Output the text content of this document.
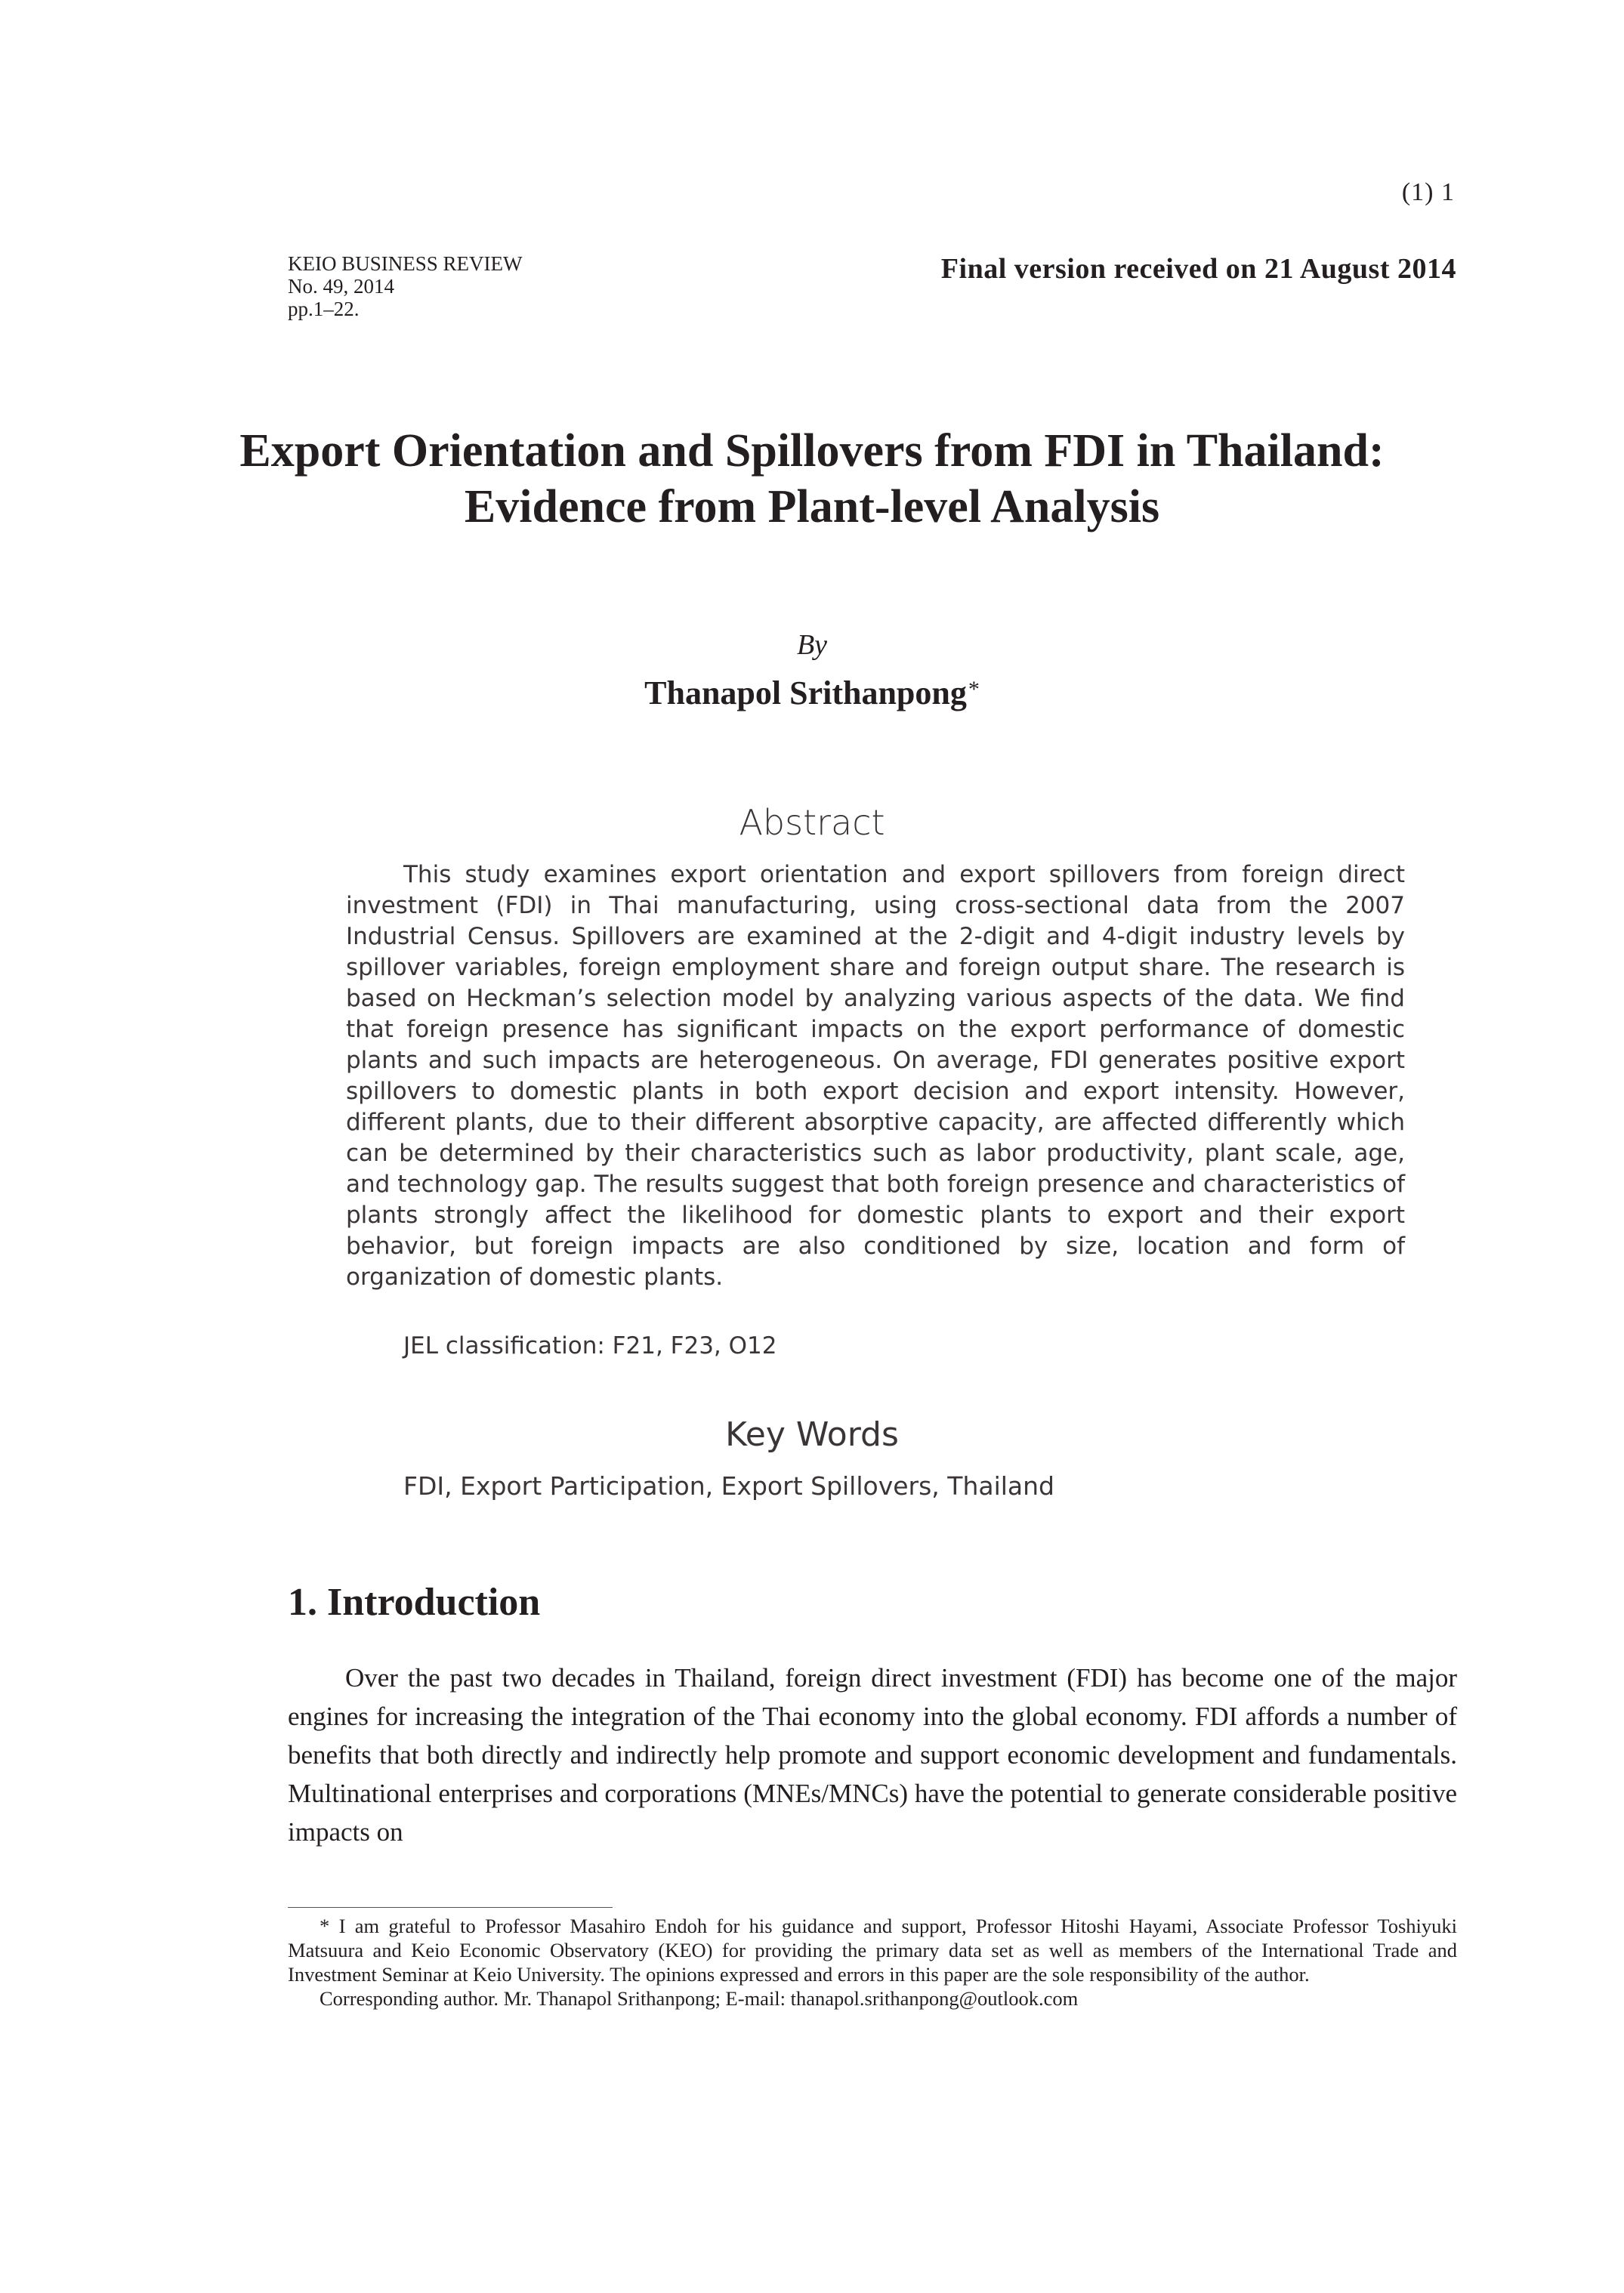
(1) 1
KEIO BUSINESS REVIEW
No. 49, 2014
pp.1–22.
Final version received on 21 August 2014
Export Orientation and Spillovers from FDI in Thailand:
Evidence from Plant-level Analysis
By
Thanapol Srithanpong*
Abstract
This study examines export orientation and export spillovers from foreign direct investment (FDI) in Thai manufacturing, using cross-sectional data from the 2007 Industrial Census. Spillovers are examined at the 2-digit and 4-digit industry levels by spillover variables, foreign employment share and foreign output share. The research is based on Heckman’s selection model by analyzing various aspects of the data. We find that foreign presence has significant impacts on the export performance of domestic plants and such impacts are heterogeneous. On average, FDI generates positive export spillovers to domestic plants in both export decision and export intensity. However, different plants, due to their different absorptive capacity, are affected differently which can be determined by their characteristics such as labor productivity, plant scale, age, and technology gap. The results suggest that both foreign presence and characteristics of plants strongly affect the likelihood for domestic plants to export and their export behavior, but foreign impacts are also conditioned by size, location and form of organization of domestic plants.
JEL classification: F21, F23, O12
Key Words
FDI, Export Participation, Export Spillovers, Thailand
1. Introduction
Over the past two decades in Thailand, foreign direct investment (FDI) has become one of the major engines for increasing the integration of the Thai economy into the global economy. FDI affords a number of benefits that both directly and indirectly help promote and support economic development and fundamentals. Multinational enterprises and corporations (MNEs/MNCs) have the potential to generate considerable positive impacts on
* I am grateful to Professor Masahiro Endoh for his guidance and support, Professor Hitoshi Hayami, Associate Professor Toshiyuki Matsuura and Keio Economic Observatory (KEO) for providing the primary data set as well as members of the International Trade and Investment Seminar at Keio University. The opinions expressed and errors in this paper are the sole responsibility of the author.
Corresponding author. Mr. Thanapol Srithanpong; E-mail: thanapol.srithanpong@outlook.com
